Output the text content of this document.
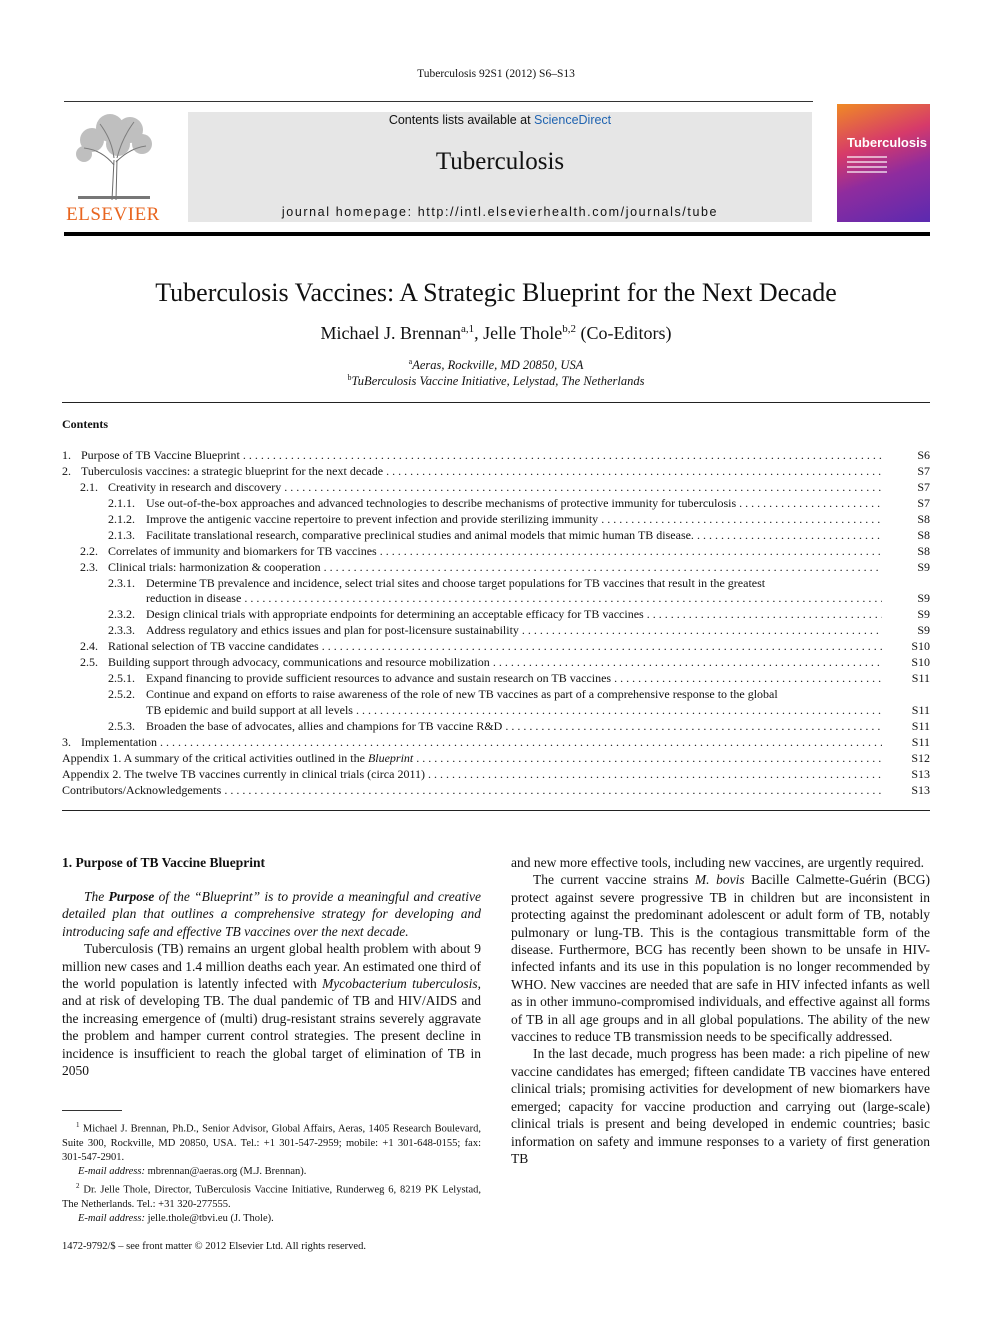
Tuberculosis 92S1 (2012) S6–S13
ELSEVIER
Contents lists available at ScienceDirect
Tuberculosis
journal homepage: http://intl.elsevierhealth.com/journals/tube
Tuberculosis
Tuberculosis Vaccines: A Strategic Blueprint for the Next Decade
Michael J. Brennan$^{a,1}$, Jelle Thole$^{b,2}$ (Co-Editors)
$^a$Aeras, Rockville, MD 20850, USA
$^b$TuBerculosis Vaccine Initiative, Lelystad, The Netherlands
Contents
1. Purpose of TB Vaccine Blueprint . . .	S6
2. Tuberculosis vaccines: a strategic blueprint for the next decade . . .	S7
2.1. Creativity in research and discovery . . .	S7
2.1.1. Use out-of-the-box approaches and advanced technologies to describe mechanisms of protective immunity for tuberculosis . . .	S7
2.1.2. Improve the antigenic vaccine repertoire to prevent infection and provide sterilizing immunity . . .	S8
2.1.3. Facilitate translational research, comparative preclinical studies and animal models that mimic human TB disease. . . .	S8
2.2. Correlates of immunity and biomarkers for TB vaccines . . .	S8
2.3. Clinical trials: harmonization & cooperation . . .	S9
2.3.1. Determine TB prevalence and incidence, select trial sites and choose target populations for TB vaccines that result in the greatest
reduction in disease . . .	S9
2.3.2. Design clinical trials with appropriate endpoints for determining an acceptable efficacy for TB vaccines . . .	S9
2.3.3. Address regulatory and ethics issues and plan for post-licensure sustainability . . .	S9
2.4. Rational selection of TB vaccine candidates . . .	S10
2.5. Building support through advocacy, communications and resource mobilization . . .	S10
2.5.1. Expand financing to provide sufficient resources to advance and sustain research on TB vaccines . . .	S11
2.5.2. Continue and expand on efforts to raise awareness of the role of new TB vaccines as part of a comprehensive response to the global
TB epidemic and build support at all levels . . .	S11
2.5.3. Broaden the base of advocates, allies and champions for TB vaccine R&D . . .	S11
3. Implementation . . .	S11
Appendix 1. A summary of the critical activities outlined in the Blueprint . . .	S12
Appendix 2. The twelve TB vaccines currently in clinical trials (circa 2011) . . .	S13
Contributors/Acknowledgements . . .	S13
1. Purpose of TB Vaccine Blueprint

The Purpose of the “Blueprint” is to provide a meaningful and creative detailed plan that outlines a comprehensive strategy for developing and introducing safe and effective TB vaccines over the next decade.

Tuberculosis (TB) remains an urgent global health problem with about 9 million new cases and 1.4 million deaths each year. An estimated one third of the world population is latently infected with Mycobacterium tuberculosis, and at risk of developing TB. The dual pandemic of TB and HIV/AIDS and the increasing emergence of (multi) drug-resistant strains severely aggravate the problem and hamper current control strategies. The present decline in incidence is insufficient to reach the global target of elimination of TB in 2050

and new more effective tools, including new vaccines, are urgently required.

The current vaccine strains M. bovis Bacille Calmette-Guérin (BCG) protect against severe progressive TB in children but are inconsistent in protecting against the predominant adolescent or adult form of TB, notably pulmonary or lung-TB. This is the contagious transmittable form of the disease. Furthermore, BCG has recently been shown to be unsafe in HIV-infected infants and its use in this population is no longer recommended by WHO. New vaccines are needed that are safe in HIV infected infants as well as in other immuno-compromised individuals, and effective against all forms of TB in all age groups and in all global populations. The ability of the new vaccines to reduce TB transmission needs to be specifically addressed.

In the last decade, much progress has been made: a rich pipeline of new vaccine candidates has emerged; fifteen candidate TB vaccines have entered clinical trials; promising activities for development of new biomarkers have emerged; capacity for vaccine production and carrying out (large-scale) clinical trials is present and being developed in endemic countries; basic information on safety and immune responses to a variety of first generation TB

$^1$ Michael J. Brennan, Ph.D., Senior Advisor, Global Affairs, Aeras, 1405 Research Boulevard, Suite 300, Rockville, MD 20850, USA. Tel.: +1 301-547-2959; mobile: +1 301-648-0155; fax: 301-547-2901.

E-mail address: mbrennan@aeras.org (M.J. Brennan).

$^2$ Dr. Jelle Thole, Director, TuBerculosis Vaccine Initiative, Runderweg 6, 8219 PK Lelystad, The Netherlands. Tel.: +31 320-277555.

E-mail address: jelle.thole@tbvi.eu (J. Thole).

1472-9792/$ – see front matter © 2012 Elsevier Ltd. All rights reserved.
